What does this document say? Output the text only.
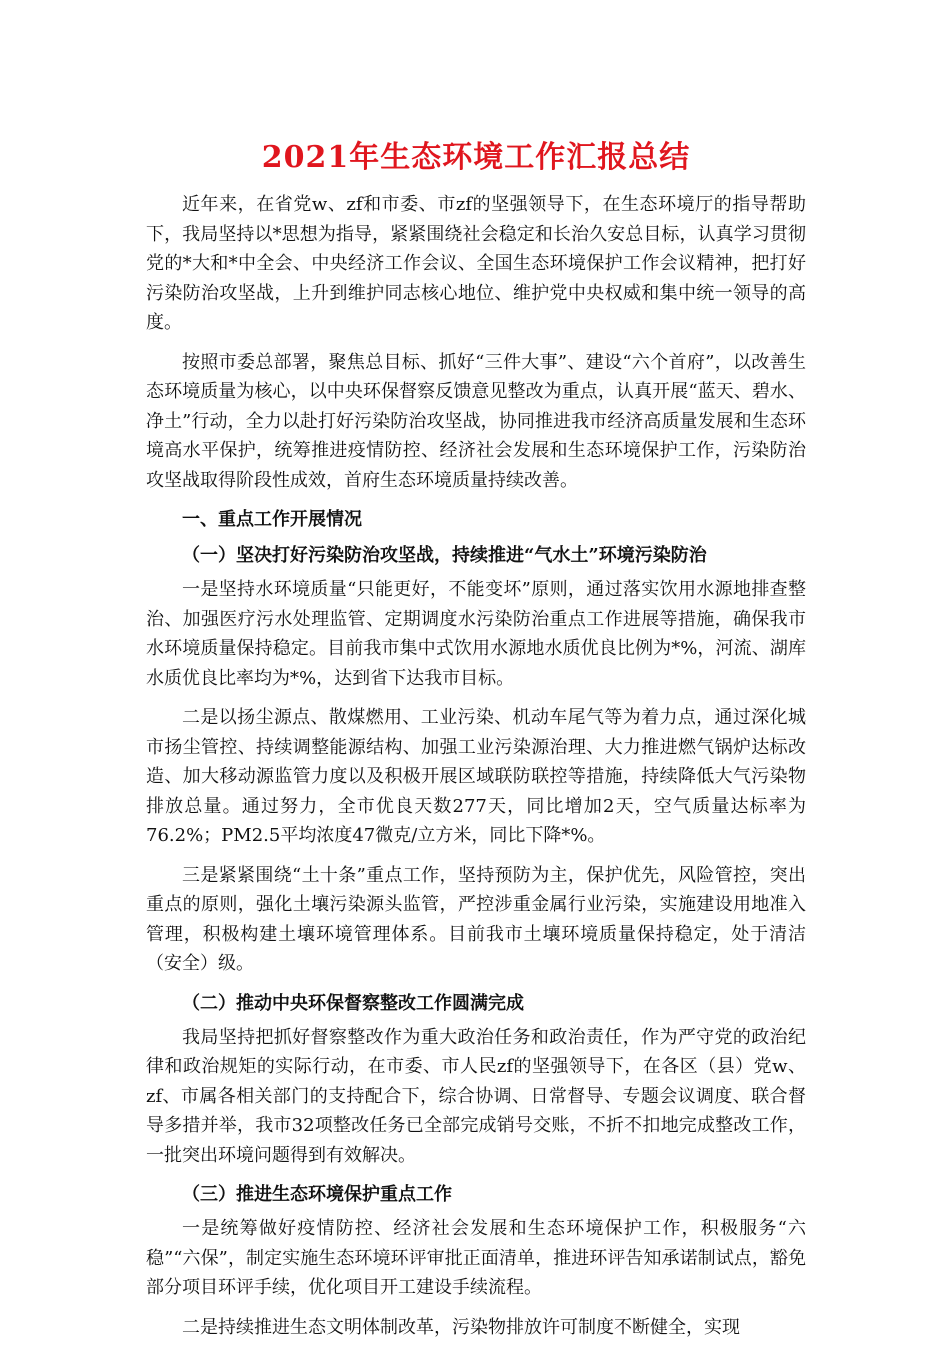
2021年生态环境工作汇报总结

近年来，在省党w、zf和市委、市zf的坚强领导下，在生态环境厅的指导帮助下，我局坚持以*思想为指导，紧紧围绕社会稳定和长治久安总目标，认真学习贯彻党的*大和*中全会、中央经济工作会议、全国生态环境保护工作会议精神，把打好污染防治攻坚战，上升到维护同志核心地位、维护党中央权威和集中统一领导的高度。

按照市委总部署，聚焦总目标、抓好“三件大事”、建设“六个首府”，以改善生态环境质量为核心，以中央环保督察反馈意见整改为重点，认真开展“蓝天、碧水、净土”行动，全力以赴打好污染防治攻坚战，协同推进我市经济高质量发展和生态环境高水平保护，统筹推进疫情防控、经济社会发展和生态环境保护工作，污染防治攻坚战取得阶段性成效，首府生态环境质量持续改善。

一、重点工作开展情况
（一）坚决打好污染防治攻坚战，持续推进“气水土”环境污染防治

一是坚持水环境质量“只能更好，不能变坏”原则，通过落实饮用水源地排查整治、加强医疗污水处理监管、定期调度水污染防治重点工作进展等措施，确保我市水环境质量保持稳定。目前我市集中式饮用水源地水质优良比例为*%，河流、湖库水质优良比率均为*%，达到省下达我市目标。

二是以扬尘源点、散煤燃用、工业污染、机动车尾气等为着力点，通过深化城市扬尘管控、持续调整能源结构、加强工业污染源治理、大力推进燃气锅炉达标改造、加大移动源监管力度以及积极开展区域联防联控等措施，持续降低大气污染物排放总量。通过努力，全市优良天数277天，同比增加2天，空气质量达标率为76.2%；PM2.5平均浓度47微克/立方米，同比下降*%。

三是紧紧围绕“土十条”重点工作，坚持预防为主，保护优先，风险管控，突出重点的原则，强化土壤污染源头监管，严控涉重金属行业污染，实施建设用地准入管理，积极构建土壤环境管理体系。目前我市土壤环境质量保持稳定，处于清洁（安全）级。

（二）推动中央环保督察整改工作圆满完成

我局坚持把抓好督察整改作为重大政治任务和政治责任，作为严守党的政治纪律和政治规矩的实际行动，在市委、市人民zf的坚强领导下，在各区（县）党w、zf、市属各相关部门的支持配合下，综合协调、日常督导、专题会议调度、联合督导多措并举，我市32项整改任务已全部完成销号交账，不折不扣地完成整改工作，一批突出环境问题得到有效解决。

（三）推进生态环境保护重点工作

一是统筹做好疫情防控、经济社会发展和生态环境保护工作，积极服务“六稳”“六保”，制定实施生态环境环评审批正面清单，推进环评告知承诺制试点，豁免部分项目环评手续，优化项目开工建设手续流程。

二是持续推进生态文明体制改革，污染物排放许可制度不断健全，实现
